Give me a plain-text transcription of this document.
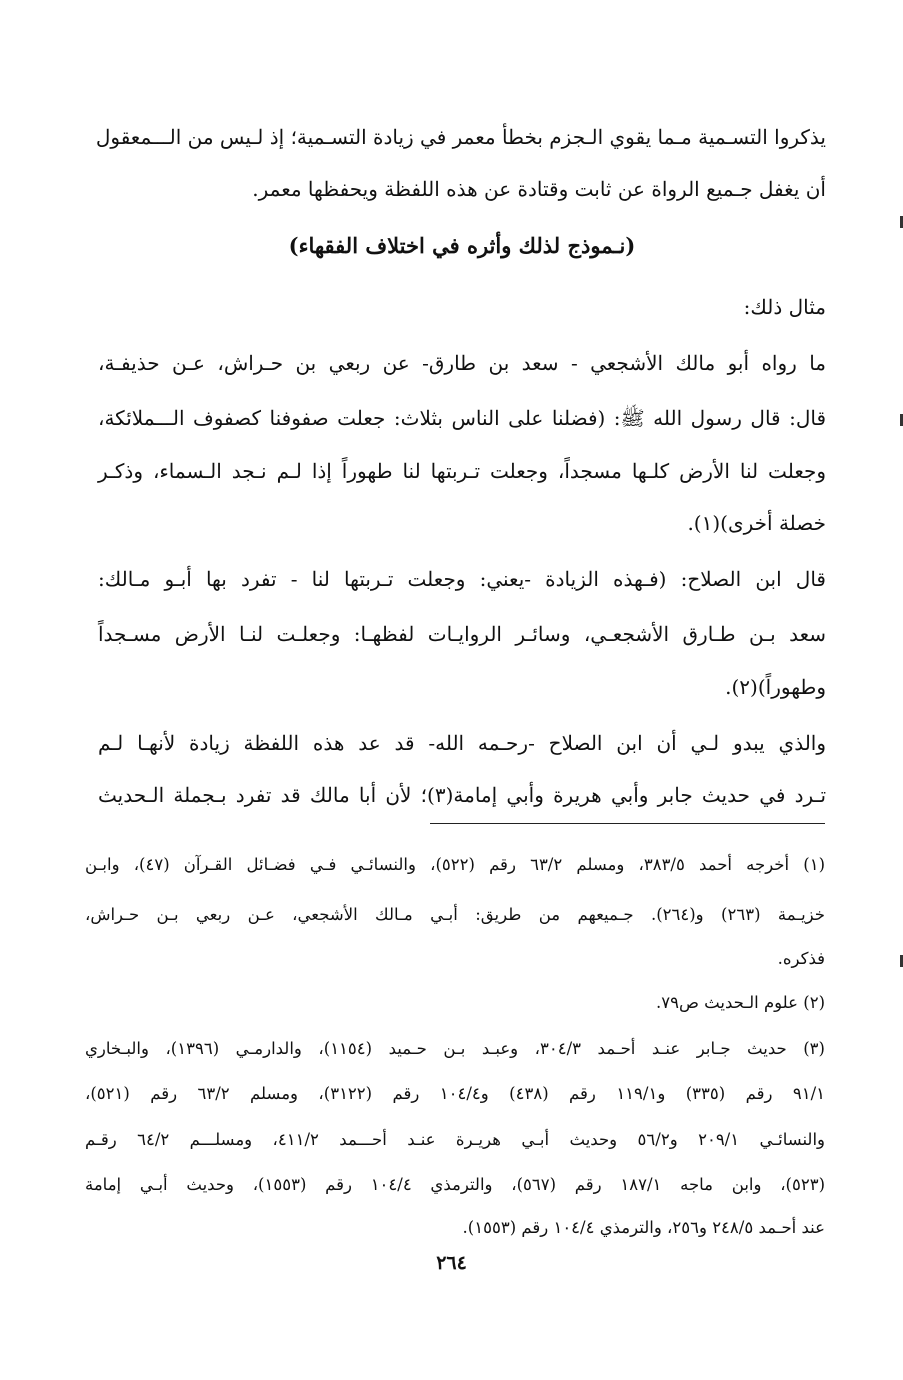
يذكروا التسـمية مـما يقوي الـجزم بخطأ معمر في زيادة التسـمية؛ إذ لـيس من الـــمعقول
أن يغفل جـميع الرواة عن ثابت وقتادة عن هذه اللفظة ويحفظها معمر.
(نـموذج لذلك وأثره في اختلاف الفقهاء)
مثال ذلك:
ما رواه أبو مالك الأشجعي - سعد بن طارق- عن ربعي بن حـراش، عـن حذيفـة،
قال: قال رسول الله ﷺ: (فضلنا على الناس بثلاث: جعلت صفوفنا كصفوف الـــملائكة،
وجعلت لنا الأرض كلـها مسجداً، وجعلت تـربتها لنا طهوراً إذا لـم نـجد الـسماء، وذكـر
خصلة أخرى)(١).
قال ابن الصلاح: (فـهذه الزيادة -يعني: وجعلت تـربتها لنا - تفرد بها أبـو مـالك:
سعد بـن طـارق الأشجعـي، وسائـر الروايـات لفظهـا: وجعلـت لنـا الأرض مسـجداً
وطهوراً)(٢).
والذي يبدو لـي أن ابن الصلاح -رحـمه الله- قد عد هذه اللفظة زيادة لأنهـا لـم
تـرد في حديث جابر وأبي هريرة وأبي إمامة(٣)؛ لأن أبا مالك قد تفرد بـجملة الـحديث
(١) أخرجه أحمد ٣٨٣/٥، ومسلم ٦٣/٢ رقم (٥٢٢)، والنسائـي فـي فضـائل القـرآن (٤٧)، وابـن
خزيـمة (٢٦٣) و(٢٦٤). جـميعهم من طريق: أبـي مـالك الأشجعي، عـن ربعي بـن حـراش،
فذكره.
(٢) علوم الـحديث ص٧٩.
(٣) حديث جـابر عنـد أحـمد ٣٠٤/٣، وعبـد بـن حـميد (١١٥٤)، والدارمـي (١٣٩٦)، والبـخاري
٩١/١ رقم (٣٣٥) و١١٩/١ رقم (٤٣٨) و١٠٤/٤ رقم (٣١٢٢)، ومسلم ٦٣/٢ رقم (٥٢١)،
والنسائـي ٢٠٩/١ و٥٦/٢ وحديث أبـي هريـرة عنـد أحـــمد ٤١١/٢، ومسلـــم ٦٤/٢ رقـم
(٥٢٣)، وابن ماجه ١٨٧/١ رقم (٥٦٧)، والترمذي ١٠٤/٤ رقم (١٥٥٣)، وحديث أبـي إمامة
عند أحـمد ٢٤٨/٥ و٢٥٦، والترمذي ١٠٤/٤ رقم (١٥٥٣).
٢٦٤
